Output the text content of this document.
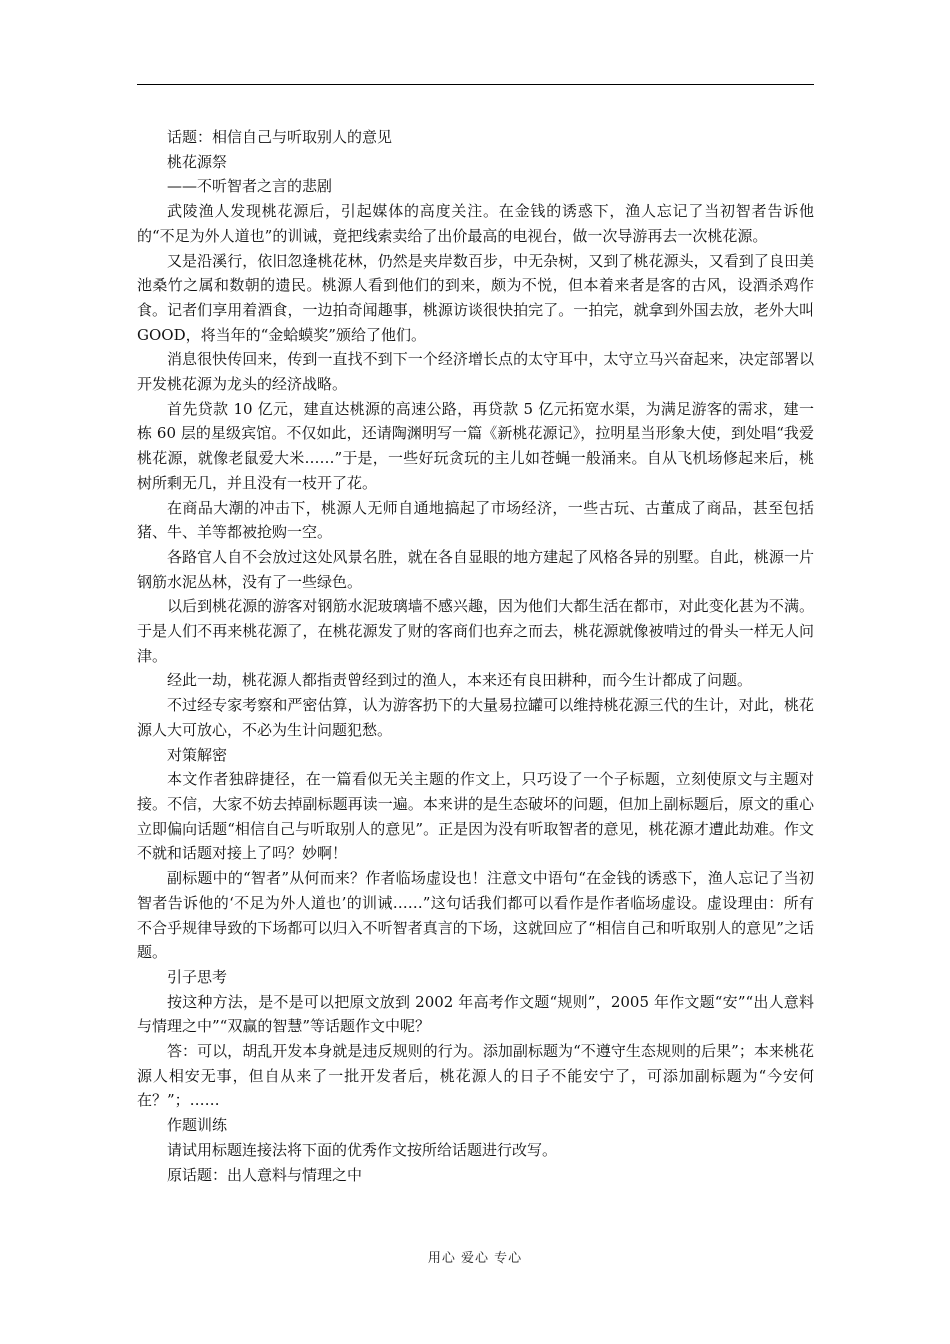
话题：相信自己与听取别人的意见

桃花源祭

——不听智者之言的悲剧

武陵渔人发现桃花源后，引起媒体的高度关注。在金钱的诱惑下，渔人忘记了当初智者告诉他的“不足为外人道也”的训诫，竟把线索卖给了出价最高的电视台，做一次导游再去一次桃花源。

又是沿溪行，依旧忽逢桃花林，仍然是夹岸数百步，中无杂树，又到了桃花源头，又看到了良田美池桑竹之属和数朝的遗民。桃源人看到他们的到来，颇为不悦，但本着来者是客的古风，设酒杀鸡作食。记者们享用着酒食，一边拍奇闻趣事，桃源访谈很快拍完了。一拍完，就拿到外国去放，老外大叫 GOOD，将当年的“金蛤蟆奖”颁给了他们。

消息很快传回来，传到一直找不到下一个经济增长点的太守耳中，太守立马兴奋起来，决定部署以开发桃花源为龙头的经济战略。

首先贷款 10 亿元，建直达桃源的高速公路，再贷款 5 亿元拓宽水渠，为满足游客的需求，建一栋 60 层的星级宾馆。不仅如此，还请陶渊明写一篇《新桃花源记》，拉明星当形象大使，到处唱“我爱桃花源，就像老鼠爱大米……”于是，一些好玩贪玩的主儿如苍蝇一般涌来。自从飞机场修起来后，桃树所剩无几，并且没有一枝开了花。

在商品大潮的冲击下，桃源人无师自通地搞起了市场经济，一些古玩、古董成了商品，甚至包括猪、牛、羊等都被抢购一空。

各路官人自不会放过这处风景名胜，就在各自显眼的地方建起了风格各异的别墅。自此，桃源一片钢筋水泥丛林，没有了一些绿色。

以后到桃花源的游客对钢筋水泥玻璃墙不感兴趣，因为他们大都生活在都市，对此变化甚为不满。于是人们不再来桃花源了，在桃花源发了财的客商们也弃之而去，桃花源就像被啃过的骨头一样无人问津。

经此一劫，桃花源人都指责曾经到过的渔人，本来还有良田耕种，而今生计都成了问题。

不过经专家考察和严密估算，认为游客扔下的大量易拉罐可以维持桃花源三代的生计，对此，桃花源人大可放心，不必为生计问题犯愁。

对策解密

本文作者独辟捷径，在一篇看似无关主题的作文上，只巧设了一个子标题，立刻使原文与主题对接。不信，大家不妨去掉副标题再读一遍。本来讲的是生态破坏的问题，但加上副标题后，原文的重心立即偏向话题“相信自己与听取别人的意见”。正是因为没有听取智者的意见，桃花源才遭此劫难。作文不就和话题对接上了吗？妙啊！

副标题中的“智者”从何而来？作者临场虚设也！注意文中语句“在金钱的诱惑下，渔人忘记了当初智者告诉他的‘不足为外人道也’的训诫……”这句话我们都可以看作是作者临场虚设。虚设理由：所有不合乎规律导致的下场都可以归入不听智者真言的下场，这就回应了“相信自己和听取别人的意见”之话题。

引子思考

按这种方法，是不是可以把原文放到 2002 年高考作文题“规则”，2005 年作文题“安”“出人意料与情理之中”“双赢的智慧”等话题作文中呢？

答：可以，胡乱开发本身就是违反规则的行为。添加副标题为“不遵守生态规则的后果”；本来桃花源人相安无事，但自从来了一批开发者后，桃花源人的日子不能安宁了，可添加副标题为“今安何在？”；……

作题训练

请试用标题连接法将下面的优秀作文按所给话题进行改写。

原话题：出人意料与情理之中

用心 爱心 专心
